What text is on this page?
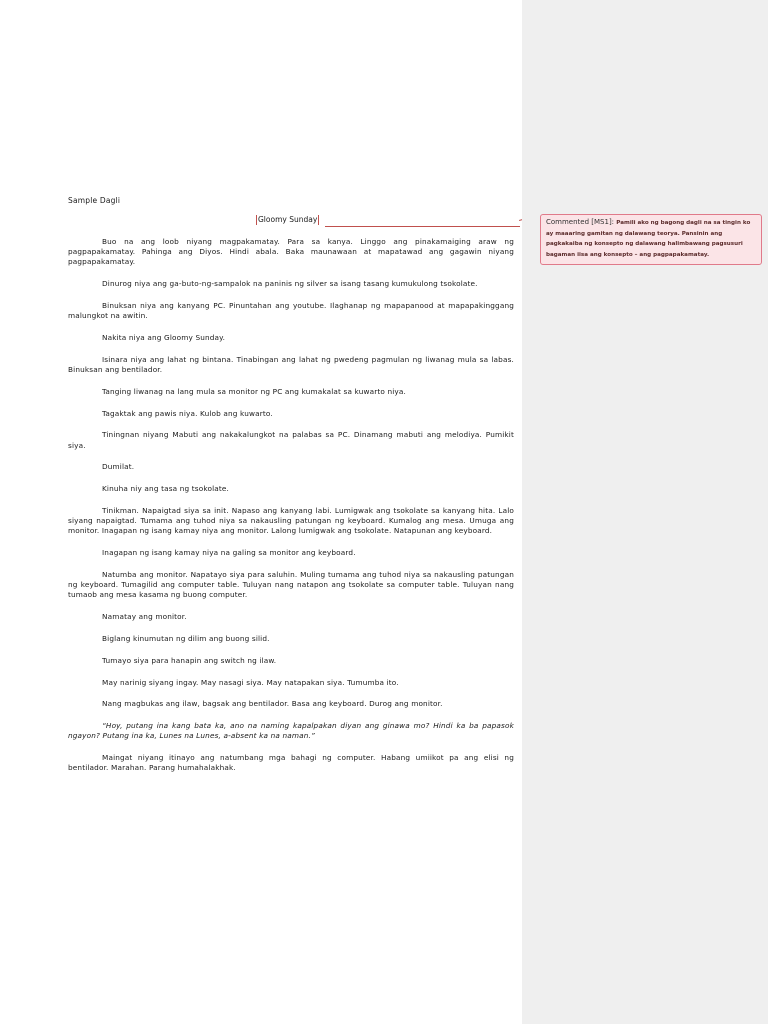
Sample Dagli
Gloomy Sunday

Buo na ang loob niyang magpakamatay. Para sa kanya. Linggo ang pinakamaiging araw ng pagpapakamatay. Pahinga ang Diyos. Hindi abala. Baka maunawaan at mapatawad ang gagawin niyang pagpapakamatay.

Dinurog niya ang ga-buto-ng-sampalok na paninis ng silver sa isang tasang kumukulong tsokolate.

Binuksan niya ang kanyang PC. Pinuntahan ang youtube. Ilaghanap ng mapapanood at mapapakinggang malungkot na awitin.

Nakita niya ang Gloomy Sunday.

Isinara niya ang lahat ng bintana. Tinabingan ang lahat ng pwedeng pagmulan ng liwanag mula sa labas. Binuksan ang bentilador.

Tanging liwanag na lang mula sa monitor ng PC ang kumakalat sa kuwarto niya.

Tagaktak ang pawis niya. Kulob ang kuwarto.

Tiningnan niyang Mabuti ang nakakalungkot na palabas sa PC. Dinamang mabuti ang melodiya. Pumikit siya.

Dumilat.

Kinuha niy ang tasa ng tsokolate.

Tinikman. Napaigtad siya sa init. Napaso ang kanyang labi. Lumigwak ang tsokolate sa kanyang hita. Lalo siyang napaigtad. Tumama ang tuhod niya sa nakausling patungan ng keyboard. Kumalog ang mesa. Umuga ang monitor. Inagapan ng isang kamay niya ang monitor. Lalong lumigwak ang tsokolate. Natapunan ang keyboard.

Inagapan ng isang kamay niya na galing sa monitor ang keyboard.

Natumba ang monitor. Napatayo siya para saluhin. Muling tumama ang tuhod niya sa nakausling patungan ng keyboard. Tumagilid ang computer table. Tuluyan nang natapon ang tsokolate sa computer table. Tuluyan nang tumaob ang mesa kasama ng buong computer.

Namatay ang monitor.

Biglang kinumutan ng dilim ang buong silid.

Tumayo siya para hanapin ang switch ng ilaw.

May narinig siyang ingay. May nasagi siya. May natapakan siya. Tumumba ito.

Nang magbukas ang ilaw, bagsak ang bentilador. Basa ang keyboard. Durog ang monitor.

“Hoy, putang ina kang bata ka, ano na naming kapalpakan diyan ang ginawa mo? Hindi ka ba papasok ngayon? Putang ina ka, Lunes na Lunes, a-absent ka na naman.”

Maingat niyang itinayo ang natumbang mga bahagi ng computer. Habang umiikot pa ang elisi ng bentilador. Marahan. Parang humahalakhak.

Commented [MS1]: Pamili ako ng bagong dagli na sa tingin ko ay maaaring gamitan ng dalawang teorya. Pansinin ang pagkakaiba ng konsepto ng dalawang halimbawang pagsusuri bagaman iisa ang konsepto – ang pagpapakamatay.
